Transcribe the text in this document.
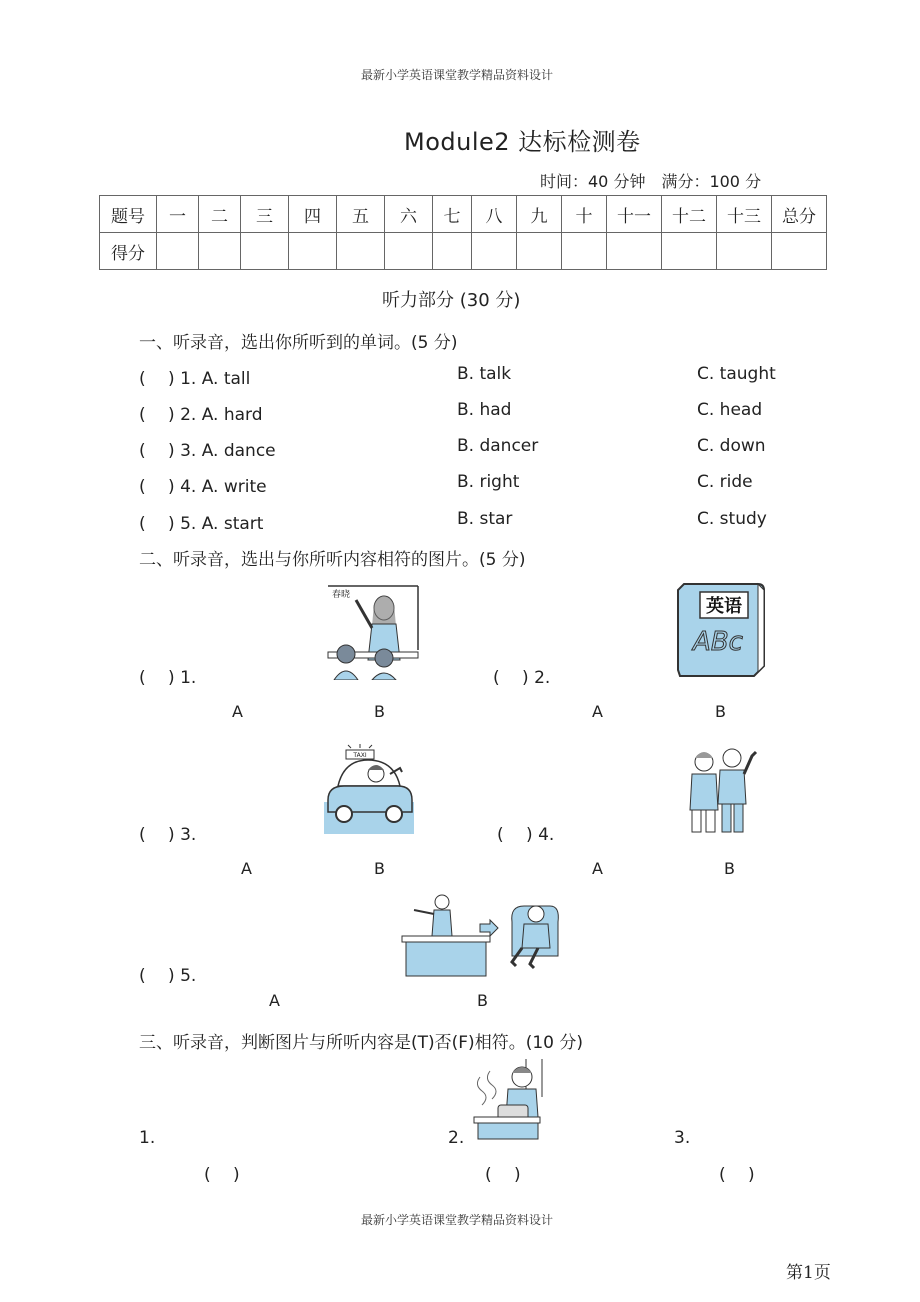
最新小学英语课堂教学精品资料设计
Module2 达标检测卷
时间：40 分钟　满分：100 分
题号	一	二	三	四	五	六	七	八	九	十	十一	十二	十三	总分
得分														
听力部分 (30 分)
一、听录音，选出你所听到的单词。(5 分)
(　 ) 1. A. tall	B. talk	C. taught
(　 ) 2. A. hard	B. had	C. head
(　 ) 3. A. dance	B. dancer	C. down
(　 ) 4. A. write	B. right	C. ride
(　 ) 5. A. start	B. star	C. study
二、听录音，选出与你所听内容相符的图片。(5 分)
春晓
(　 ) 1.	(　 ) 2.
英语
ABc
A	B	A	B
TAXI
(　 ) 3.	(　 ) 4.
A	B	A	B
(　 ) 5.
A	B
三、听录音，判断图片与所听内容是(T)否(F)相符。(10 分)
1.	2.	3.
(　 )	(　 )	(　 )
最新小学英语课堂教学精品资料设计
第1页
